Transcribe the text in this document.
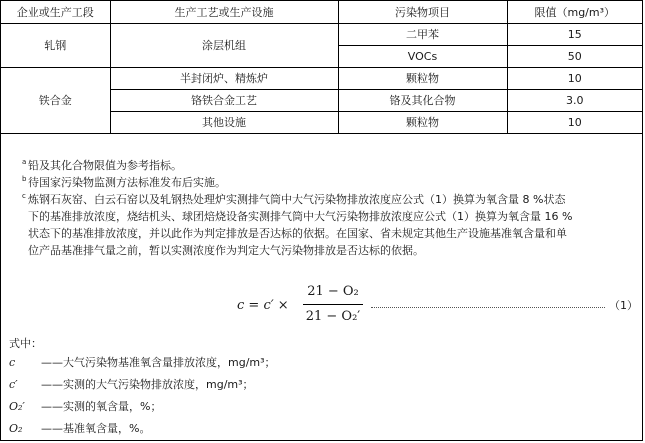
企业或生产工段	生产工艺或生产设施	污染物项目	限值（mg/m³）
轧钢	涂层机组	二甲苯	15
		VOCs	50
铁合金	半封闭炉、精炼炉	颗粒物	10
	铬铁合金工艺	铬及其化合物	3.0
	其他设施	颗粒物	10
a 铅及其化合物限值为参考指标。
b 待国家污染物监测方法标准发布后实施。
c 炼钢石灰窑、白云石窑以及轧钢热处理炉实测排气筒中大气污染物排放浓度应公式（1）换算为氧含量 8 %状态
下的基准排放浓度，烧结机头、球团焙烧设备实测排气筒中大气污染物排放浓度应公式（1）换算为氧含量 16 %
状态下的基准排放浓度，并以此作为判定排放是否达标的依据。在国家、省未规定其他生产设施基准氧含量和单
位产品基准排气量之前，暂以实测浓度作为判定大气污染物排放是否达标的依据。
$c = c' \times \frac{\text{21 − O₂}}{\text{21 − O₂′}}$	（1）
式中：
c ——大气污染物基准氧含量排放浓度，mg/m³；
c′ ——实测的大气污染物排放浓度，mg/m³；
O₂′ ——实测的氧含量，%；
O₂ ——基准氧含量，%。
